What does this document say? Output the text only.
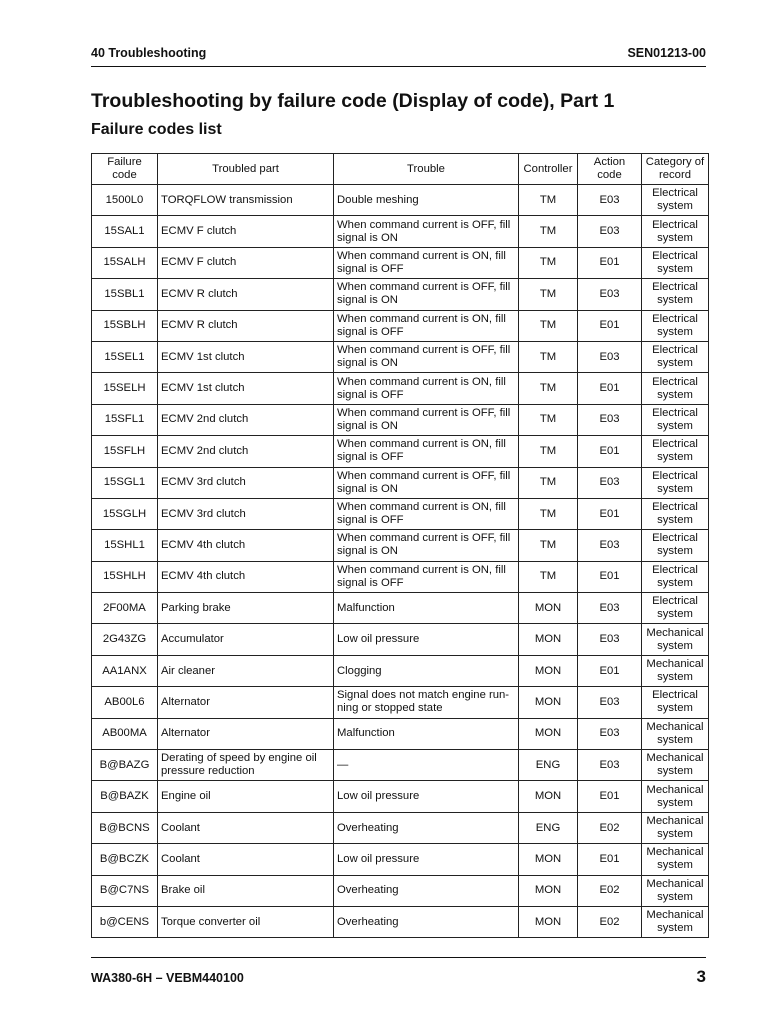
40 Troubleshooting	SEN01213-00
Troubleshooting by failure code (Display of code), Part 1
Failure codes list
Failure code	Troubled part	Trouble	Controller	Action code	Category of record
1500L0	TORQFLOW transmission	Double meshing	TM	E03	Electrical system
15SAL1	ECMV F clutch	When command current is OFF, fill signal is ON	TM	E03	Electrical system
15SALH	ECMV F clutch	When command current is ON, fill signal is OFF	TM	E01	Electrical system
15SBL1	ECMV R clutch	When command current is OFF, fill signal is ON	TM	E03	Electrical system
15SBLH	ECMV R clutch	When command current is ON, fill signal is OFF	TM	E01	Electrical system
15SEL1	ECMV 1st clutch	When command current is OFF, fill signal is ON	TM	E03	Electrical system
15SELH	ECMV 1st clutch	When command current is ON, fill signal is OFF	TM	E01	Electrical system
15SFL1	ECMV 2nd clutch	When command current is OFF, fill signal is ON	TM	E03	Electrical system
15SFLH	ECMV 2nd clutch	When command current is ON, fill signal is OFF	TM	E01	Electrical system
15SGL1	ECMV 3rd clutch	When command current is OFF, fill signal is ON	TM	E03	Electrical system
15SGLH	ECMV 3rd clutch	When command current is ON, fill signal is OFF	TM	E01	Electrical system
15SHL1	ECMV 4th clutch	When command current is OFF, fill signal is ON	TM	E03	Electrical system
15SHLH	ECMV 4th clutch	When command current is ON, fill signal is OFF	TM	E01	Electrical system
2F00MA	Parking brake	Malfunction	MON	E03	Electrical system
2G43ZG	Accumulator	Low oil pressure	MON	E03	Mechanical system
AA1ANX	Air cleaner	Clogging	MON	E01	Mechanical system
AB00L6	Alternator	Signal does not match engine run-ning or stopped state	MON	E03	Electrical system
AB00MA	Alternator	Malfunction	MON	E03	Mechanical system
B@BAZG	Derating of speed by engine oil pressure reduction	—	ENG	E03	Mechanical system
B@BAZK	Engine oil	Low oil pressure	MON	E01	Mechanical system
B@BCNS	Coolant	Overheating	ENG	E02	Mechanical system
B@BCZK	Coolant	Low oil pressure	MON	E01	Mechanical system
B@C7NS	Brake oil	Overheating	MON	E02	Mechanical system
b@CENS	Torque converter oil	Overheating	MON	E02	Mechanical system
WA380-6H – VEBM440100	3
